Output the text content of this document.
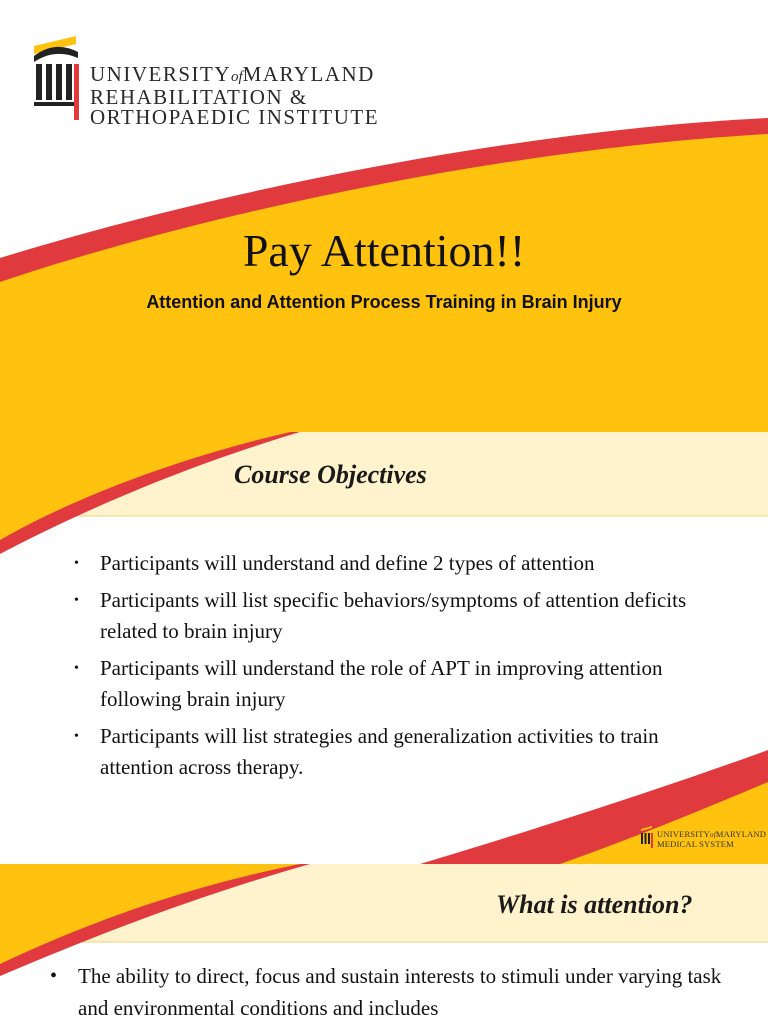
UNIVERSITYofMARYLAND
REHABILITATION &
ORTHOPAEDIC INSTITUTE
Pay Attention!!
Attention and Attention Process Training in Brain Injury
Course Objectives
• Participants will understand and define 2 types of attention
• Participants will list specific behaviors/symptoms of attention deficits related to brain injury
• Participants will understand the role of APT in improving attention following brain injury
• Participants will list strategies and generalization activities to train attention across therapy.
UNIVERSITYofMARYLAND
MEDICAL SYSTEM
What is attention?
• The ability to direct, focus and sustain interests to stimuli under varying task and environmental conditions and includes
